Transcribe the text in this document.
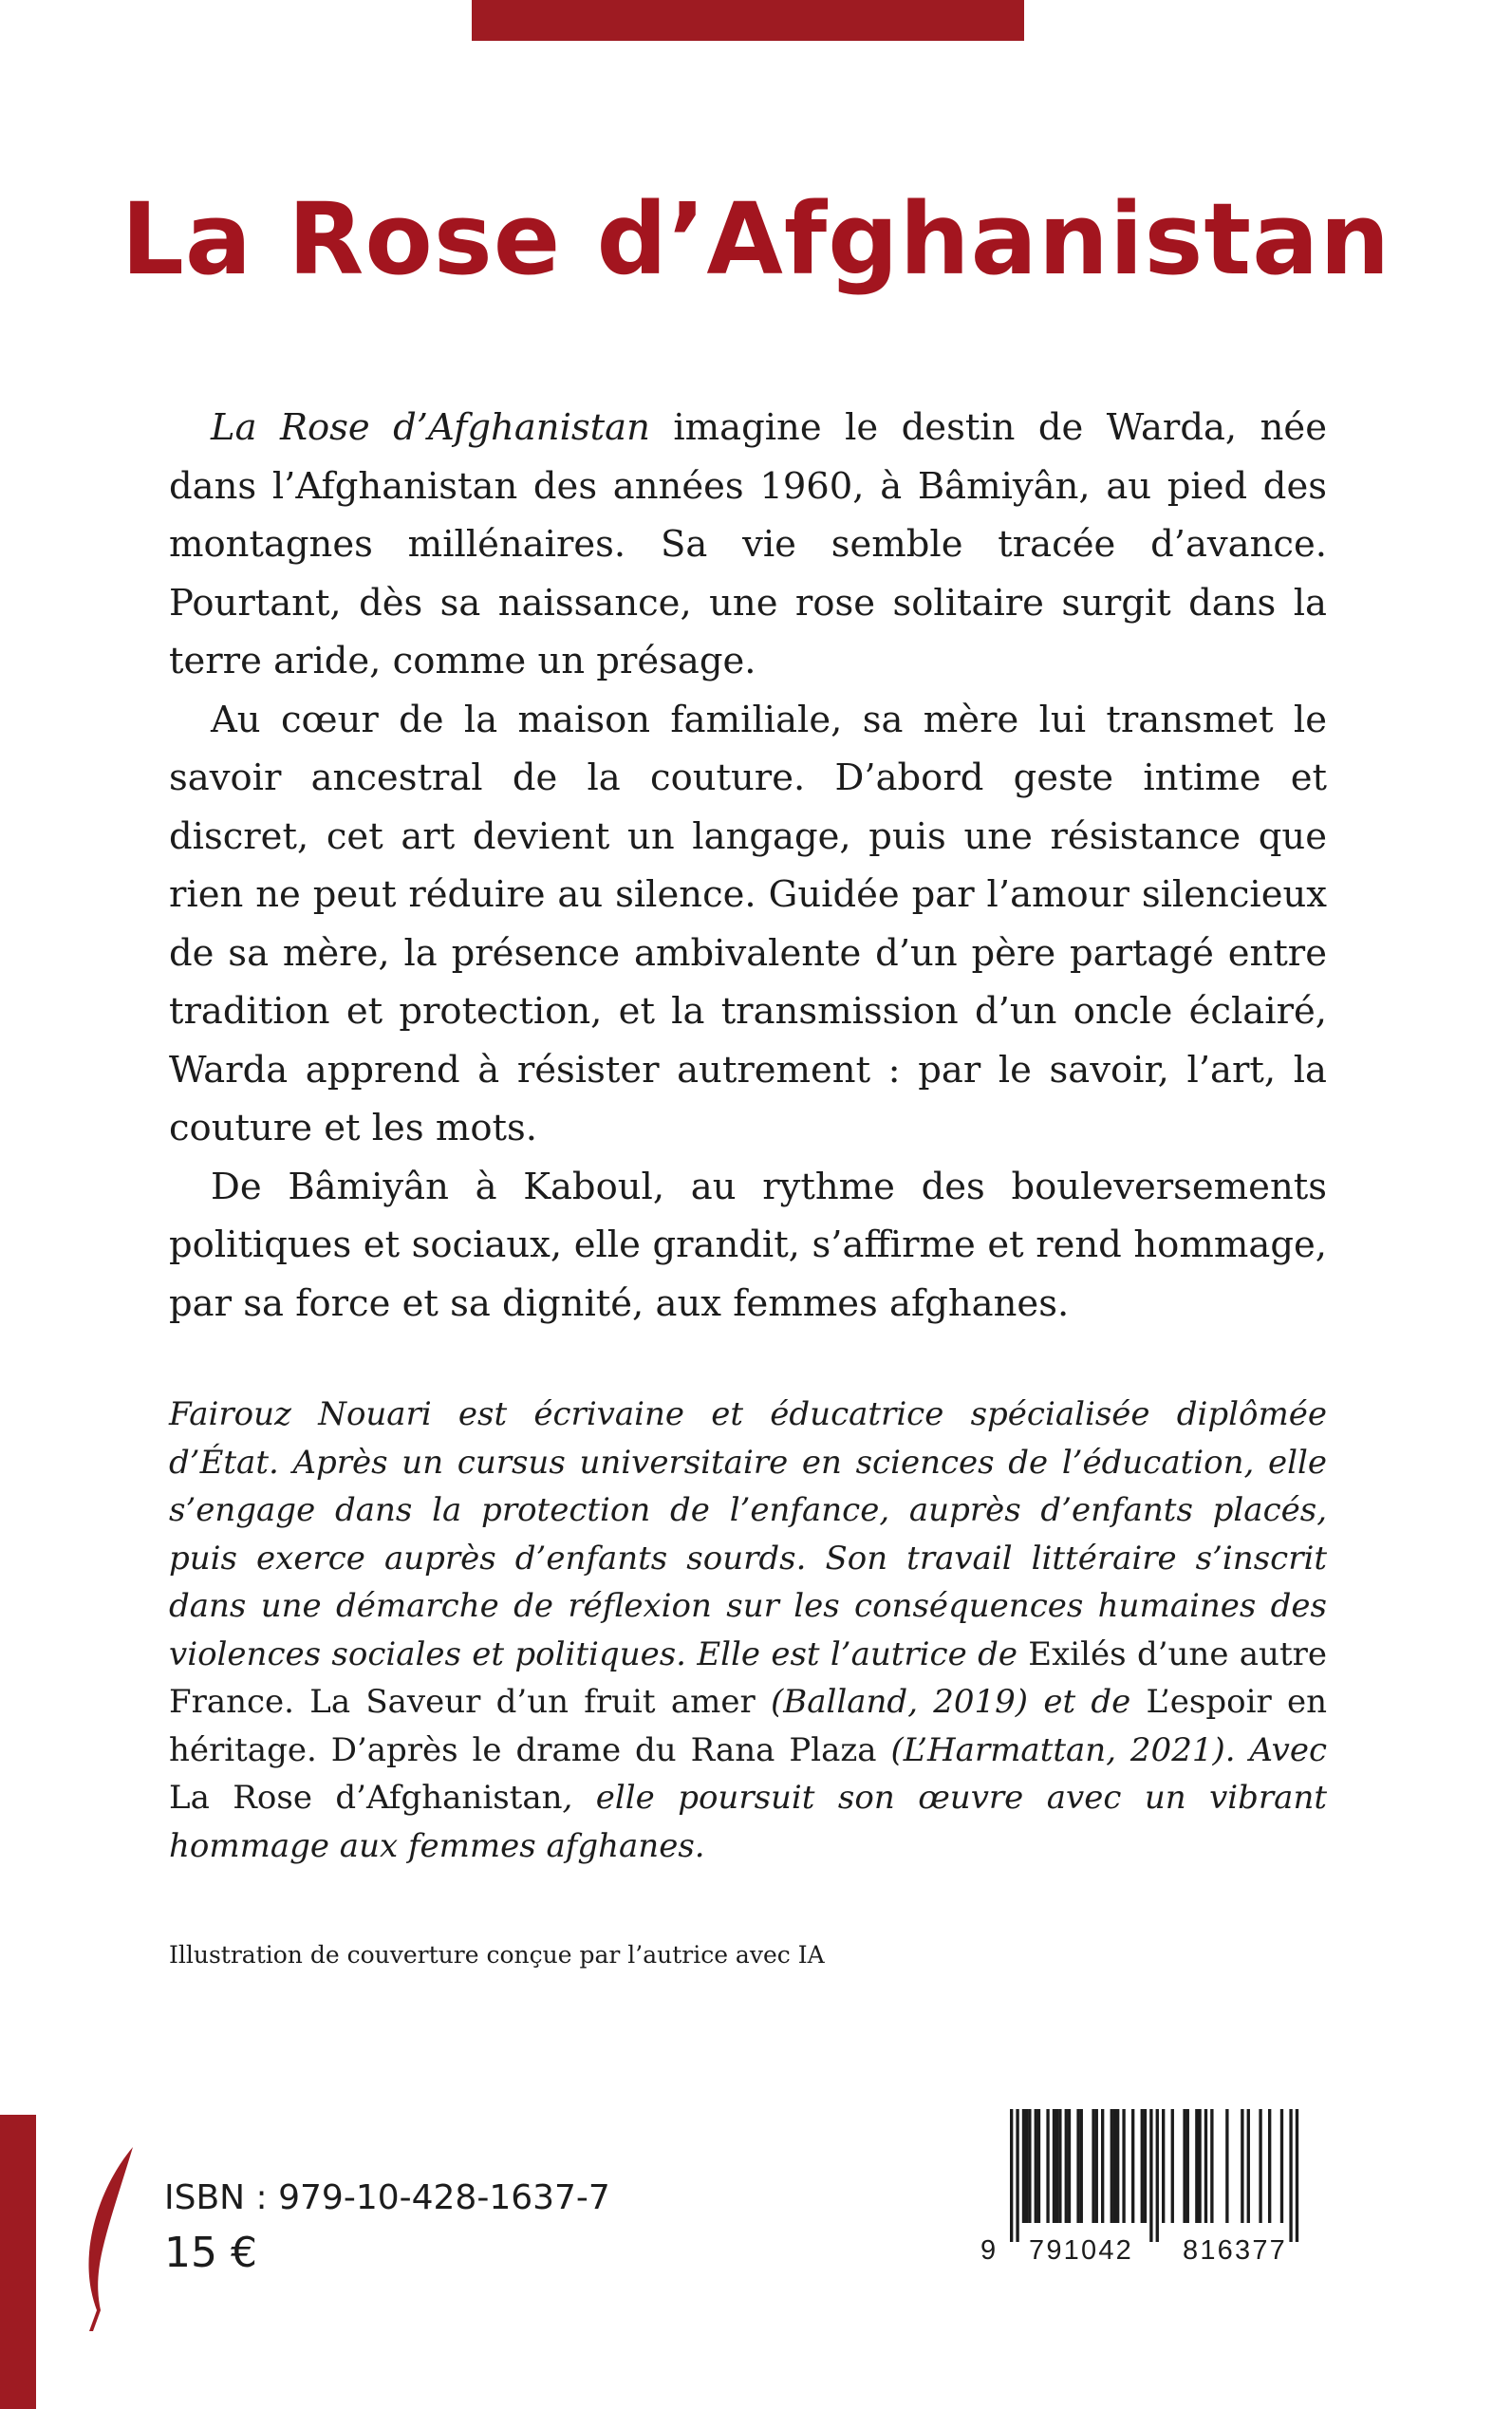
La Rose d’Afghanistan

La Rose d’Afghanistan imagine le destin de Warda, née dans l’Afghanistan des années 1960, à Bâmiyân, au pied des montagnes millénaires. Sa vie semble tracée d’avance. Pourtant, dès sa naissance, une rose solitaire surgit dans la terre aride, comme un présage.

Au cœur de la maison familiale, sa mère lui transmet le savoir ancestral de la couture. D’abord geste intime et discret, cet art devient un langage, puis une résistance que rien ne peut réduire au silence. Guidée par l’amour silencieux de sa mère, la présence ambivalente d’un père partagé entre tradition et protection, et la transmission d’un oncle éclairé, Warda apprend à résister autrement : par le savoir, l’art, la couture et les mots.

De Bâmiyân à Kaboul, au rythme des bouleversements politiques et sociaux, elle grandit, s’affirme et rend hommage, par sa force et sa dignité, aux femmes afghanes.

Fairouz Nouari est écrivaine et éducatrice spécialisée diplômée d’État. Après un cursus universitaire en sciences de l’éducation, elle s’engage dans la protection de l’enfance, auprès d’enfants placés, puis exerce auprès d’enfants sourds. Son travail littéraire s’inscrit dans une démarche de réflexion sur les conséquences humaines des violences sociales et politiques. Elle est l’autrice de Exilés d’une autre France. La Saveur d’un fruit amer (Balland, 2019) et de L’espoir en héritage. D’après le drame du Rana Plaza (L’Harmattan, 2021). Avec La Rose d’Afghanistan, elle poursuit son œuvre avec un vibrant hommage aux femmes afghanes.

Illustration de couverture conçue par l’autrice avec IA

ISBN : 979-10-428-1637-7

15 €	9 791042 816377
